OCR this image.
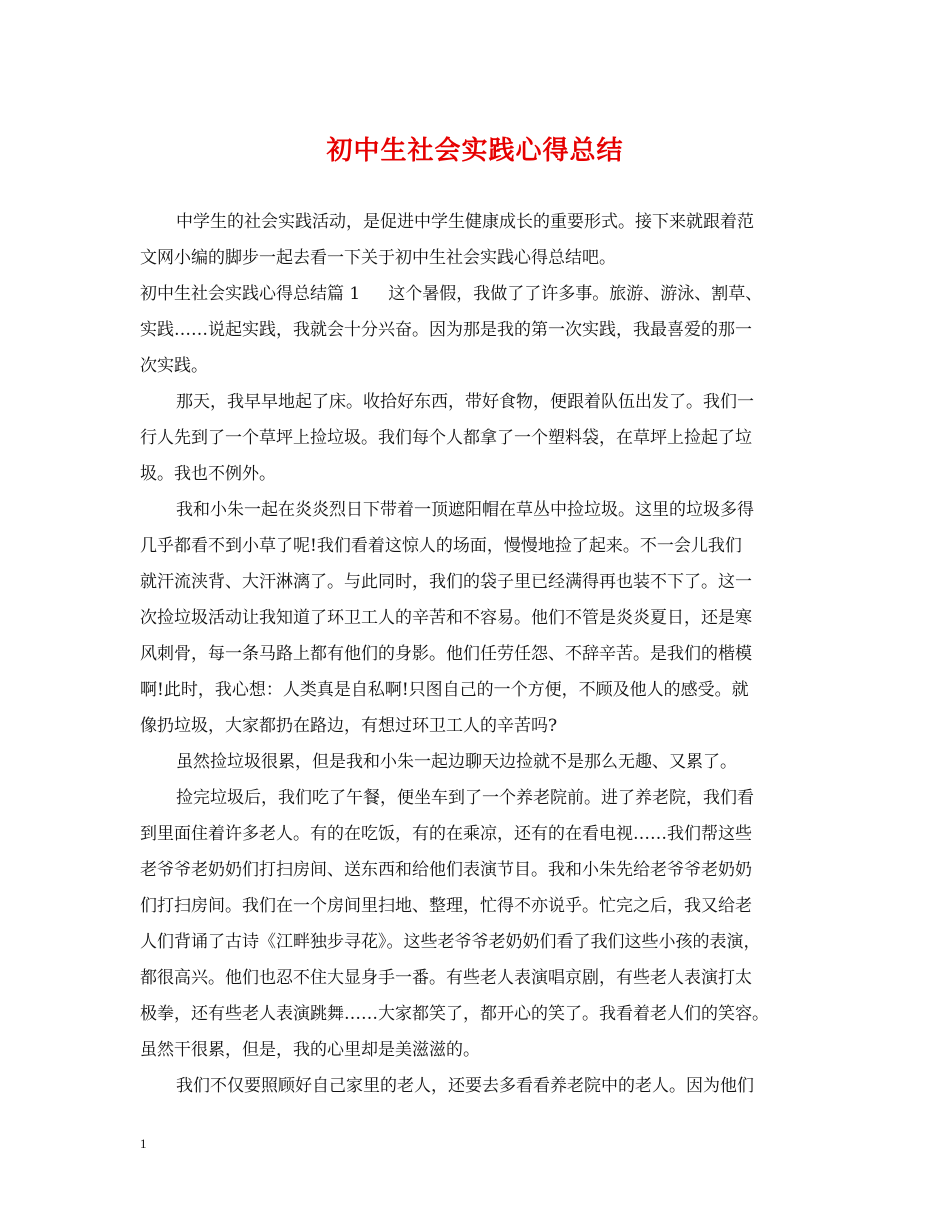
初中生社会实践心得总结
中学生的社会实践活动，是促进中学生健康成长的重要形式。接下来就跟着范
文网小编的脚步一起去看一下关于初中生社会实践心得总结吧。
初中生社会实践心得总结篇 1 这个暑假，我做了了许多事。旅游、游泳、割草、
实践……说起实践，我就会十分兴奋。因为那是我的第一次实践，我最喜爱的那一
次实践。
那天，我早早地起了床。收拾好东西，带好食物，便跟着队伍出发了。我们一
行人先到了一个草坪上捡垃圾。我们每个人都拿了一个塑料袋，在草坪上捡起了垃
圾。我也不例外。
我和小朱一起在炎炎烈日下带着一顶遮阳帽在草丛中捡垃圾。这里的垃圾多得
几乎都看不到小草了呢!我们看着这惊人的场面，慢慢地捡了起来。不一会儿我们
就汗流浃背、大汗淋漓了。与此同时，我们的袋子里已经满得再也装不下了。这一
次捡垃圾活动让我知道了环卫工人的辛苦和不容易。他们不管是炎炎夏日，还是寒
风刺骨，每一条马路上都有他们的身影。他们任劳任怨、不辞辛苦。是我们的楷模
啊!此时，我心想：人类真是自私啊!只图自己的一个方便，不顾及他人的感受。就
像扔垃圾，大家都扔在路边，有想过环卫工人的辛苦吗?
虽然捡垃圾很累，但是我和小朱一起边聊天边捡就不是那么无趣、又累了。
捡完垃圾后，我们吃了午餐，便坐车到了一个养老院前。进了养老院，我们看
到里面住着许多老人。有的在吃饭，有的在乘凉，还有的在看电视……我们帮这些
老爷爷老奶奶们打扫房间、送东西和给他们表演节目。我和小朱先给老爷爷老奶奶
们打扫房间。我们在一个房间里扫地、整理，忙得不亦说乎。忙完之后，我又给老
人们背诵了古诗《江畔独步寻花》。这些老爷爷老奶奶们看了我们这些小孩的表演，
都很高兴。他们也忍不住大显身手一番。有些老人表演唱京剧，有些老人表演打太
极拳，还有些老人表演跳舞……大家都笑了，都开心的笑了。我看着老人们的笑容。
虽然干很累，但是，我的心里却是美滋滋的。
我们不仅要照顾好自己家里的老人，还要去多看看养老院中的老人。因为他们
1
